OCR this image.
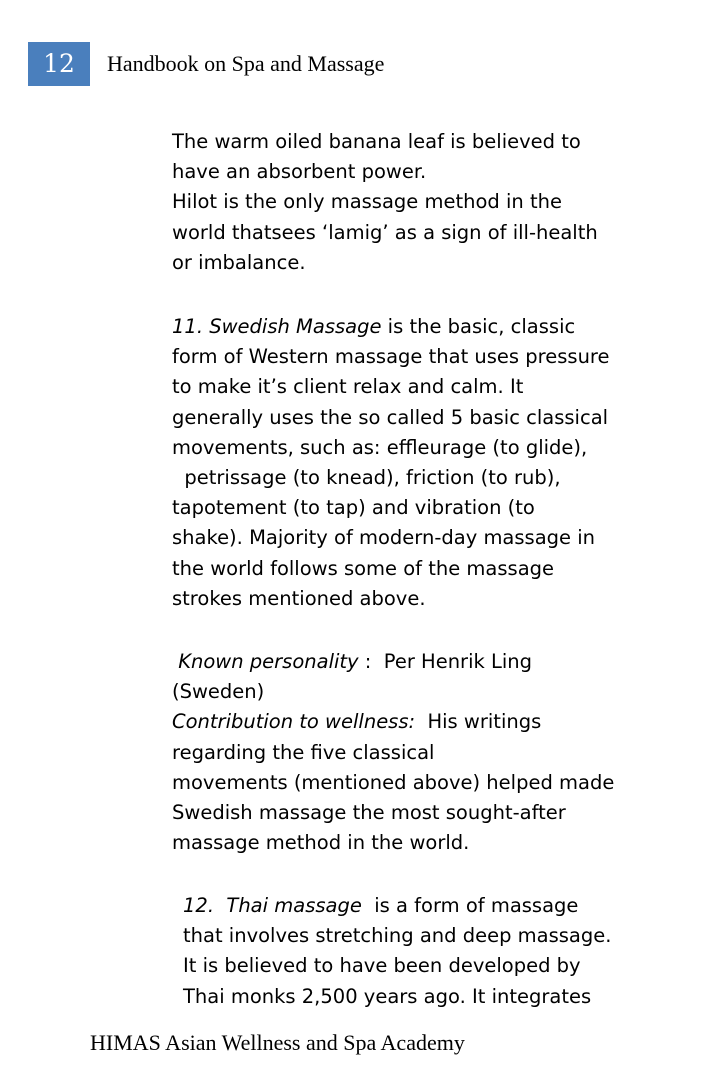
12	Handbook on Spa and Massage
The warm oiled banana leaf is believed to
have an absorbent power.
Hilot is the only massage method in the
world thatsees ‘lamig’ as a sign of ill-health
or imbalance.
11. Swedish Massage is the basic, classic
form of Western massage that uses pressure
to make it’s client relax and calm. It
generally uses the so called 5 basic classical
movements, such as: effleurage (to glide),
petrissage (to knead), friction (to rub),
tapotement (to tap) and vibration (to
shake). Majority of modern-day massage in
the world follows some of the massage
strokes mentioned above.
Known personality :  Per Henrik Ling
(Sweden)
Contribution to wellness:  His writings
regarding the five classical
movements (mentioned above) helped made
Swedish massage the most sought-after
massage method in the world.
12.  Thai massage  is a form of massage
that involves stretching and deep massage.
It is believed to have been developed by
Thai monks 2,500 years ago. It integrates
HIMAS Asian Wellness and Spa Academy
